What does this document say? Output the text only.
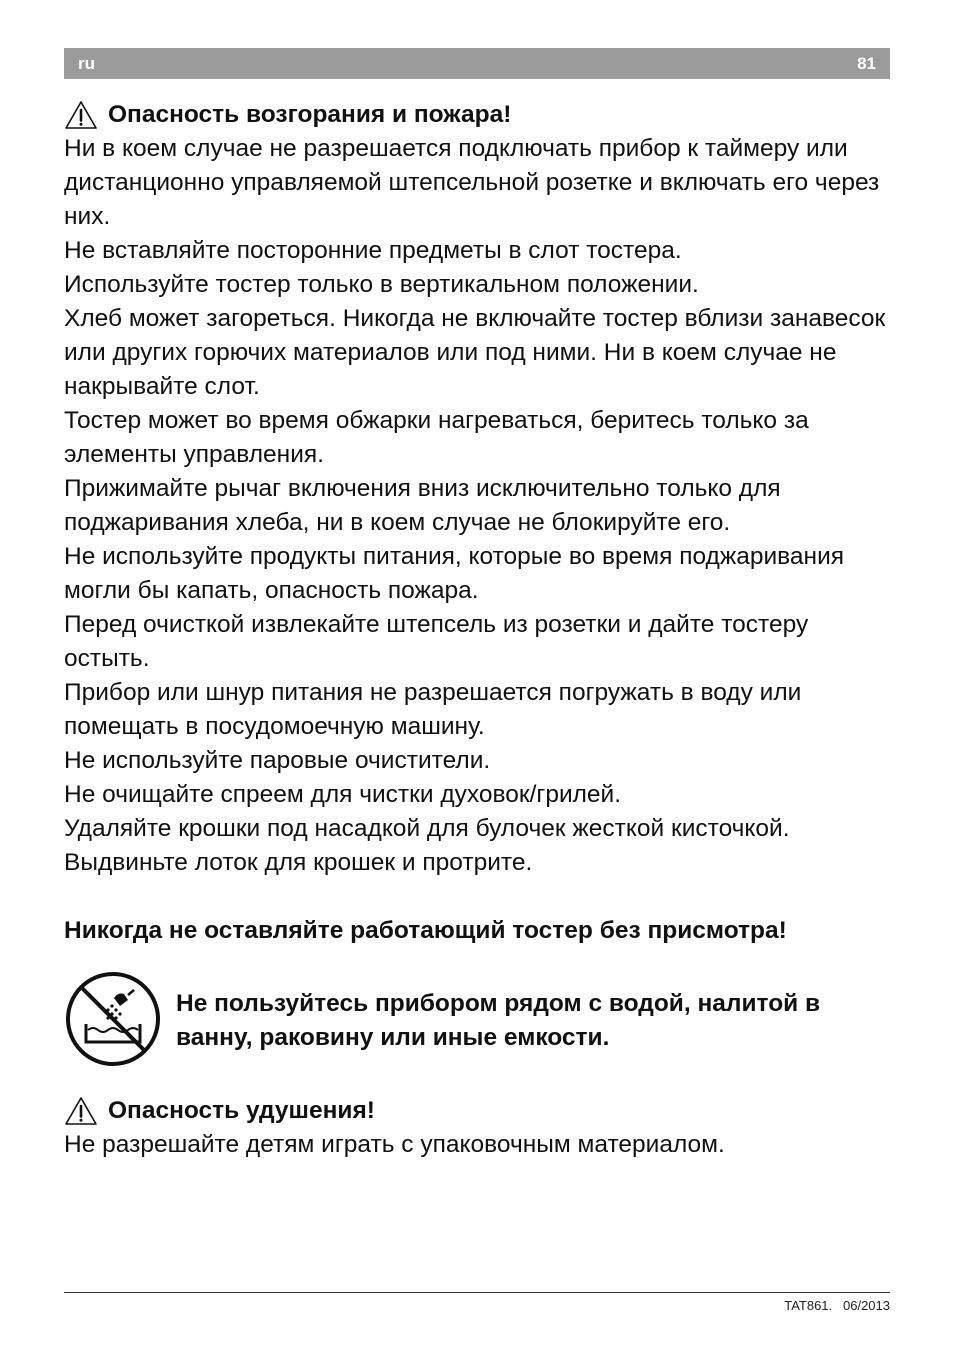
ru	81
Опасность возгорания и пожара!

Ни в коем случае не разрешается подключать прибор к таймеру или дистанционно управляемой штепсельной розетке и включать его через них.

Не вставляйте посторонние предметы в слот тостера.

Используйте тостер только в вертикальном положении.

Хлеб может загореться. Никогда не включайте тостер вблизи занавесок или других горючих материалов или под ними. Ни в коем случае не накрывайте слот.

Тостер может во время обжарки нагреваться, беритесь только за элементы управления.

Прижимайте рычаг включения вниз исключительно только для поджаривания хлеба, ни в коем случае не блокируйте его.

Не используйте продукты питания, которые во время поджаривания могли бы капать, опасность пожара.

Перед очисткой извлекайте штепсель из розетки и дайте тостеру остыть.

Прибор или шнур питания не разрешается погружать в воду или помещать в посудомоечную машину.

Не используйте паровые очистители.

Не очищайте спреем для чистки духовок/грилей.

Удаляйте крошки под насадкой для булочек жесткой кисточкой. Выдвиньте лоток для крошек и протрите.

Никогда не оставляйте работающий тостер без присмотра!

Не пользуйтесь прибором рядом с водой, налитой в ванну, раковину или иные емкости.

Опасность удушения!

Не разрешайте детям играть с упаковочным материалом.

TAT861. 06/2013
